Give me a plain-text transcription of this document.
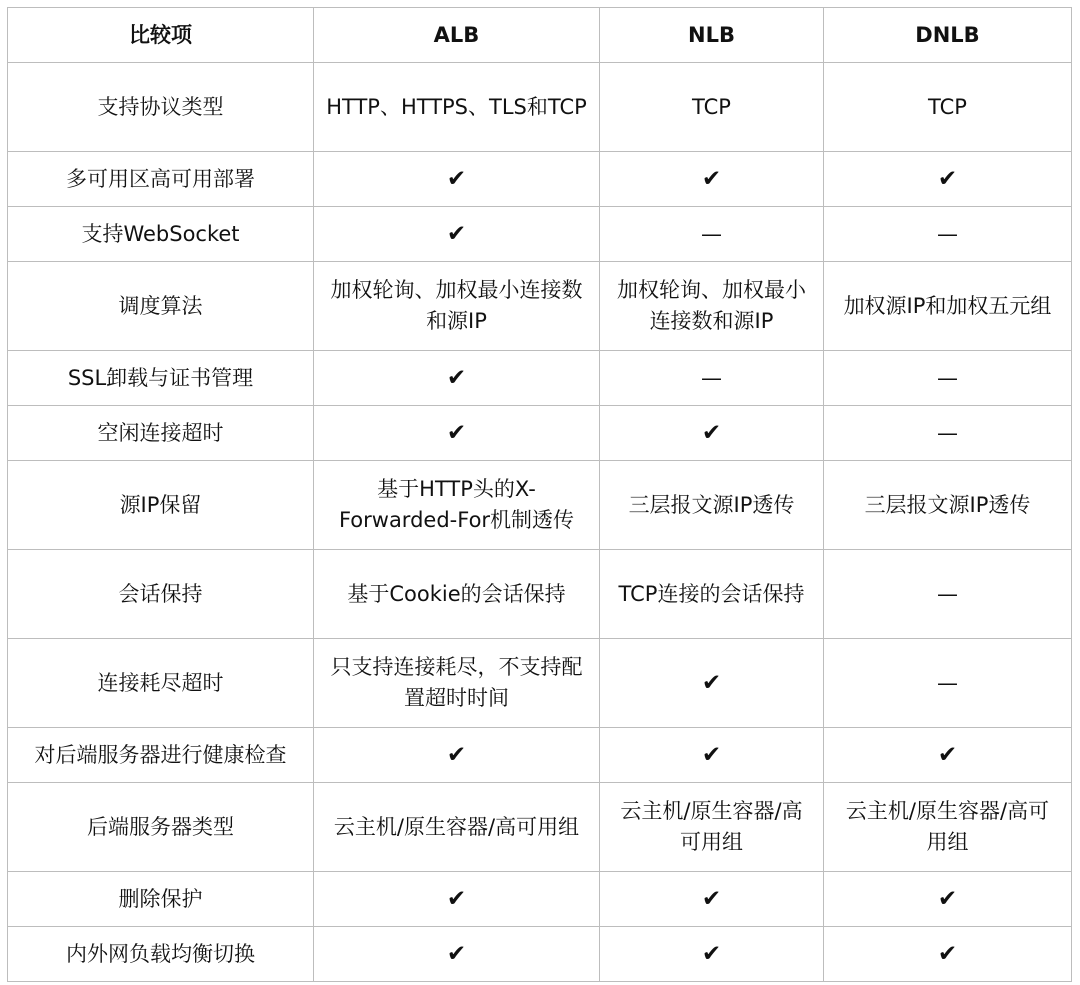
比较项	ALB	NLB	DNLB
支持协议类型	HTTP、HTTPS、TLS和TCP	TCP	TCP
多可用区高可用部署	✔	✔	✔
支持WebSocket	✔	—	—
调度算法	加权轮询、加权最小连接数和源IP	加权轮询、加权最小连接数和源IP	加权源IP和加权五元组
SSL卸载与证书管理	✔	—	—
空闲连接超时	✔	✔	—
源IP保留	基于HTTP头的X-Forwarded-For机制透传	三层报文源IP透传	三层报文源IP透传
会话保持	基于Cookie的会话保持	TCP连接的会话保持	—
连接耗尽超时	只支持连接耗尽，不支持配置超时时间	✔	—
对后端服务器进行健康检查	✔	✔	✔
后端服务器类型	云主机/原生容器/高可用组	云主机/原生容器/高可用组	云主机/原生容器/高可用组
删除保护	✔	✔	✔
内外网负载均衡切换	✔	✔	✔
